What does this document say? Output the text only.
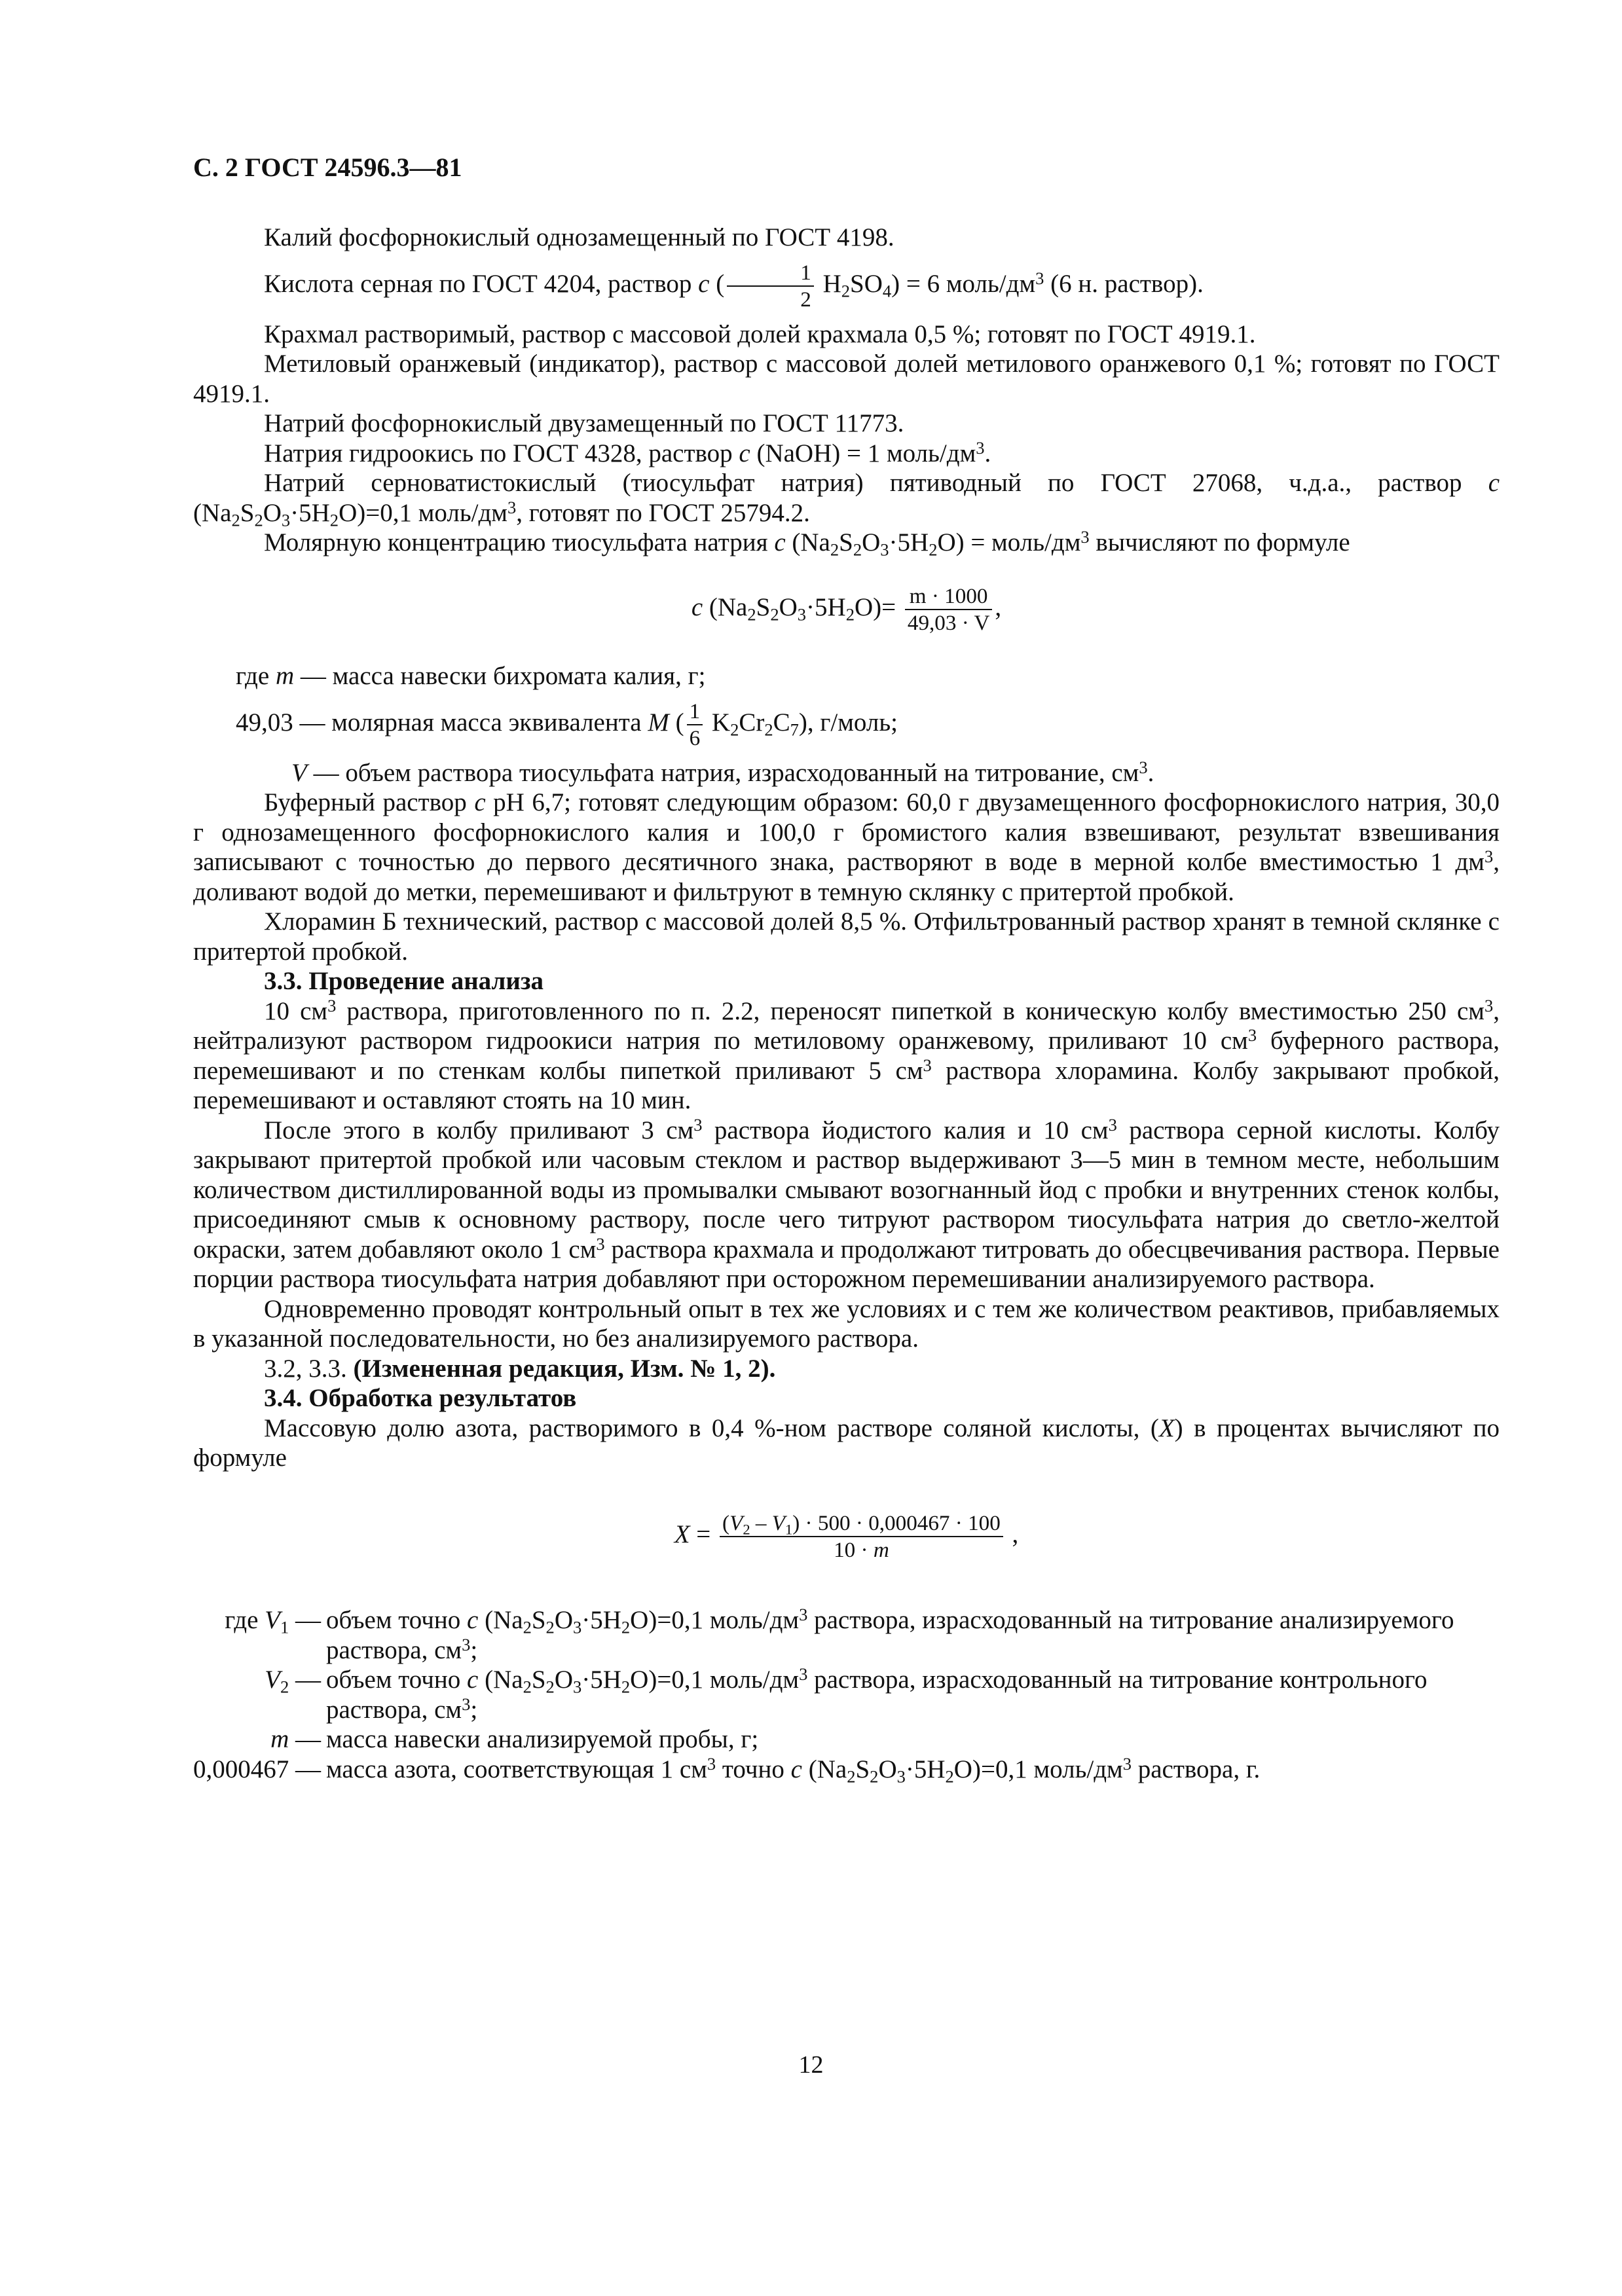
С. 2 ГОСТ 24596.3—81

Калий фосфорнокислый однозамещенный по ГОСТ 4198.

Кислота серная по ГОСТ 4204, раствор c ( $\frac{1}{2} H_2SO_4) = 6$ моль/$дм^3$ (6 н. раствор).

Крахмал растворимый, раствор с массовой долей крахмала 0,5 %; готовят по ГОСТ 4919.1.

Метиловый оранжевый (индикатор), раствор с массовой долей метилового оранжевого 0,1 %; готовят по ГОСТ 4919.1.

Натрий фосфорнокислый двузамещенный по ГОСТ 11773.

Натрия гидроокись по ГОСТ 4328, раствор c (NaOH) = 1 моль/$дм^3$.

Натрий серноватистокислый (тиосульфат натрия) пятиводный по ГОСТ 27068, ч.д.а., раствор c $(Na_2S_2O_3\cdot 5H_2O)=0,1$ моль/$дм^3$, готовят по ГОСТ 25794.2.

Молярную концентрацию тиосульфата натрия c $(Na_2S_2O_3\cdot 5H_2O)$ = моль/$дм^3$ вычисляют по формуле

c $(Na_2S_2O_3\cdot 5H_2O)= \frac{m \cdot 1000}{49,03 \cdot V}$ ,

где m — масса навески бихромата калия, г;

49,03 — молярная масса эквивалента M ( $\frac{1}{6} K_2Cr_2C_7$), г/моль;

V — объем раствора тиосульфата натрия, израсходованный на титрование, $см^3$.

Буферный раствор c pH 6,7; готовят следующим образом: 60,0 г двузамещенного фосфорнокислого натрия, 30,0 г однозамещенного фосфорнокислого калия и 100,0 г бромистого калия взвешивают, результат взвешивания записывают с точностью до первого десятичного знака, растворяют в воде в мерной колбе вместимостью 1 $дм^3$, доливают водой до метки, перемешивают и фильтруют в темную склянку с притертой пробкой.

Хлорамин Б технический, раствор с массовой долей 8,5 %. Отфильтрованный раствор хранят в темной склянке с притертой пробкой.

3.3. Проведение анализа

10 $см^3$ раствора, приготовленного по п. 2.2, переносят пипеткой в коническую колбу вместимостью 250 $см^3$, нейтрализуют раствором гидроокиси натрия по метиловому оранжевому, приливают 10 $см^3$ буферного раствора, перемешивают и по стенкам колбы пипеткой приливают 5 $см^3$ раствора хлорамина. Колбу закрывают пробкой, перемешивают и оставляют стоять на 10 мин.

После этого в колбу приливают 3 $см^3$ раствора йодистого калия и 10 $см^3$ раствора серной кислоты. Колбу закрывают притертой пробкой или часовым стеклом и раствор выдерживают 3—5 мин в темном месте, небольшим количеством дистиллированной воды из промывалки смывают возогнанный йод с пробки и внутренних стенок колбы, присоединяют смыв к основному раствору, после чего титруют раствором тиосульфата натрия до светло-желтой окраски, затем добавляют около 1 $см^3$ раствора крахмала и продолжают титровать до обесцвечивания раствора. Первые порции раствора тиосульфата натрия добавляют при осторожном перемешивании анализируемого раствора.

Одновременно проводят контрольный опыт в тех же условиях и с тем же количеством реактивов, прибавляемых в указанной последовательности, но без анализируемого раствора.

3.2, 3.3. (Измененная редакция, Изм. № 1, 2).

3.4. Обработка результатов

Массовую долю азота, растворимого в 0,4 %-ном растворе соляной кислоты, (X) в процентах вычисляют по формуле

$X = \frac{(V_2 - V_1) \cdot 500 \cdot 0,000467 \cdot 100}{10 \cdot m}$ ,

где $V_1$ —	объем точно c $(Na_2S_2O_3\cdot 5H_2O)=0,1$ моль/$дм^3$ раствора, израсходованный на титрование анализируемого раствора, $см^3$;
$V_2$ —	объем точно c $(Na_2S_2O_3\cdot 5H_2O)=0,1$ моль/$дм^3$ раствора, израсходованный на титрование контрольного раствора, $см^3$;
m —	масса навески анализируемой пробы, г;
0,000467 —	масса азота, соответствующая 1 $см^3$ точно c $(Na_2S_2O_3\cdot 5H_2O)=0,1$ моль/$дм^3$ раствора, г.
12
